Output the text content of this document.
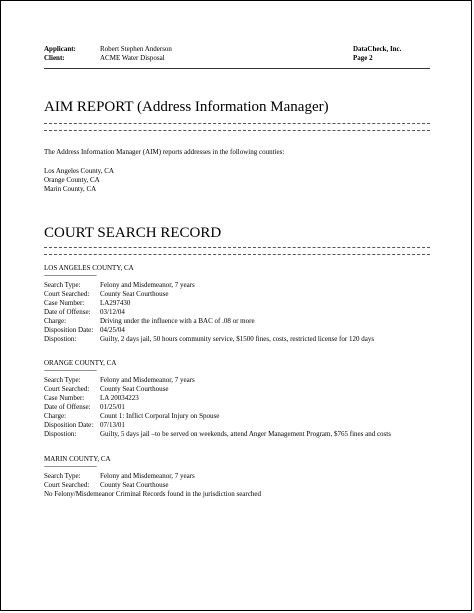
Applicant:	Robert Stephen Anderson
Client:	ACME Water Disposal
DataCheck, Inc.
Page 2
AIM REPORT (Address Information Manager)
The Address Information Manager (AIM) reports addresses in the following counties:
Los Angeles County, CA
Orange County, CA
Marin County, CA
COURT SEARCH RECORD
LOS ANGELES COUNTY, CA
-----------------------------------
Search Type:	Felony and Misdemeanor, 7 years
Court Searched: County Seat Courthouse
Case Number: LA297430
Date of Offense: 03/12/04
Charge:	Driving under the influence with a BAC of .08 or more
Disposition Date: 04/25/04
Dispostion:	Guilty, 2 days jail, 50 hours community service, $1500 fines, costs, restricted license for 120 days
ORANGE COUNTY, CA
-----------------------------------
Search Type:	Felony and Misdemeanor, 7 years
Court Searched: County Seat Courthouse
Case Number: LA 20034223
Date of Offense: 01/25/01
Charge:	Count 1: Inflict Corporal Injury on Spouse
Disposition Date: 07/13/01
Dispostion:	Guilty, 5 days jail –to be served on weekends, attend Anger Management Program, $765 fines and costs
MARIN COUNTY, CA
-----------------------------------
Search Type:	Felony and Misdemeanor, 7 years
Court Searched: County Seat Courthouse
No Felony/Misdemeanor Criminal Records found in the jurisdiction searched
